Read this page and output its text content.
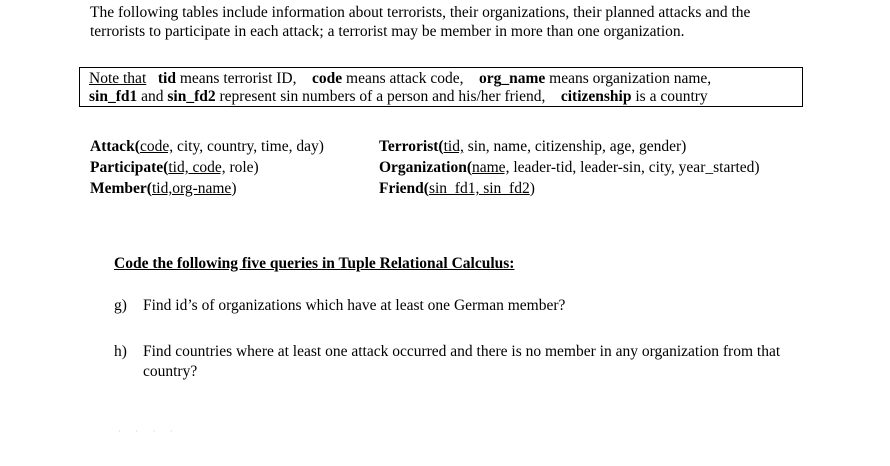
The following tables include information about terrorists, their organizations, their planned attacks and the
terrorists to participate in each attack; a terrorist may be member in more than one organization.
Note that tid means terrorist ID, code means attack code, org_name means organization name,
sin_fd1 and sin_fd2 represent sin numbers of a person and his/her friend, citizenship is a country
Attack(code, city, country, time, day)
Participate(tid, code, role)
Member(tid,org-name)
Terrorist(tid, sin, name, citizenship, age, gender)
Organization(name, leader-tid, leader-sin, city, year_started)
Friend(sin_fd1, sin_fd2)
Code the following five queries in Tuple Relational Calculus:
g) Find id’s of organizations which have at least one German member?
h) Find countries where at least one attack occurred and there is no member in any organization from that
country?
· · · ·
